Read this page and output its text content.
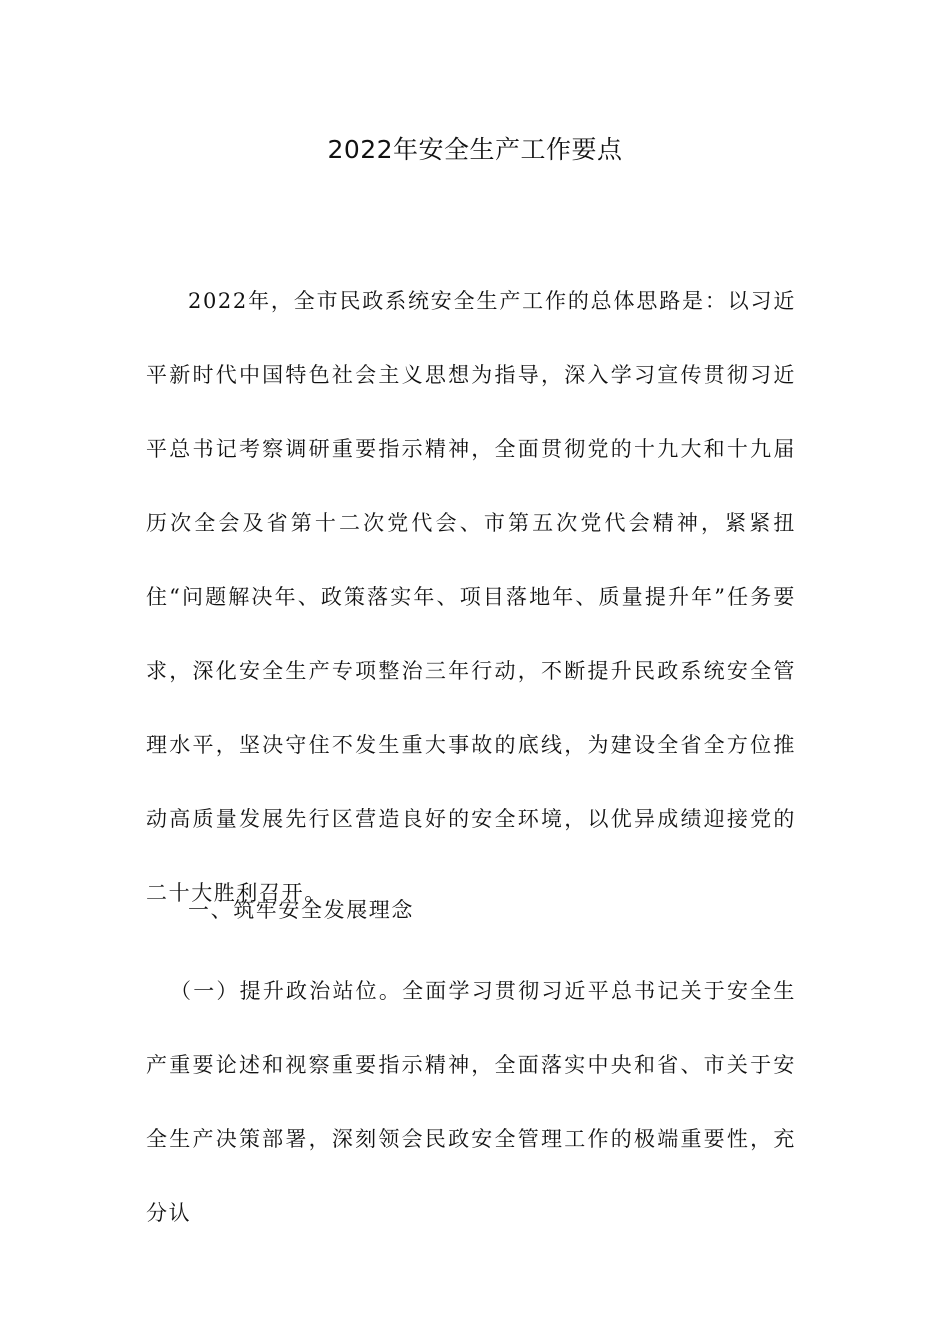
2022年安全生产工作要点

2022年，全市民政系统安全生产工作的总体思路是：以习近平新时代中国特色社会主义思想为指导，深入学习宣传贯彻习近平总书记考察调研重要指示精神，全面贯彻党的十九大和十九届历次全会及省第十二次党代会、市第五次党代会精神，紧紧扭住“问题解决年、政策落实年、项目落地年、质量提升年”任务要求，深化安全生产专项整治三年行动，不断提升民政系统安全管理水平，坚决守住不发生重大事故的底线，为建设全省全方位推动高质量发展先行区营造良好的安全环境，以优异成绩迎接党的二十大胜利召开。

一、筑牢安全发展理念

（一）提升政治站位。全面学习贯彻习近平总书记关于安全生产重要论述和视察重要指示精神，全面落实中央和省、市关于安全生产决策部署，深刻领会民政安全管理工作的极端重要性，充分认
